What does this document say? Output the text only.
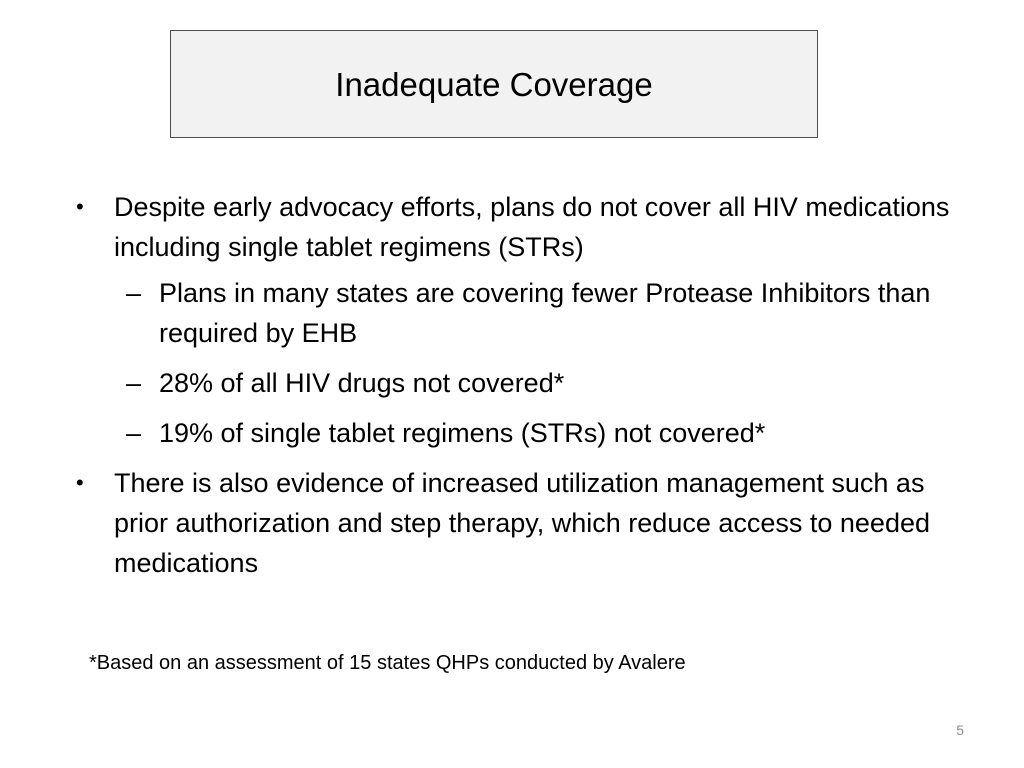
Inadequate Coverage
•	Despite early advocacy efforts, plans do not cover all HIV medications including single tablet regimens (STRs)
– Plans in many states are covering fewer Protease Inhibitors than required by EHB
– 28% of all HIV drugs not covered*
– 19% of single tablet regimens (STRs) not covered*
•	There is also evidence of increased utilization management such as prior authorization and step therapy, which reduce access to needed medications
*Based on an assessment of 15 states QHPs conducted by Avalere
5
